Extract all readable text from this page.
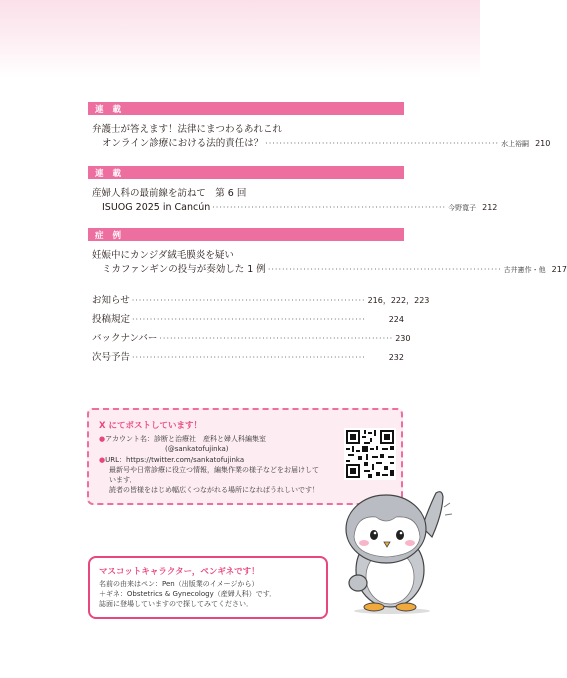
連 載
弁護士が答えます！法律にまつわるあれこれ
オンライン診療における法的責任は？ ·································································· 水上裕嗣 210
連 載
産婦人科の最前線を訪ねて　第 6 回
ISUOG 2025 in Cancún ·································································· 今野寛子 212
症 例
妊娠中にカンジダ絨毛膜炎を疑い
ミカファンギンの投与が奏効した 1 例 ·································································· 古井憲作・他 217
お知らせ ·································································· 216，222，223
投稿規定 ··································································	224
バックナンバー ·································································· 230
次号予告 ··································································	232
X にてポストしています！
●アカウント名：診断と治療社　産科と婦人科編集室
(@sankatofujinka)
●URL：https://twitter.com/sankatofujinka
最新号や日常診療に役立つ情報，編集作業の様子などをお届けして
います．
読者の皆様をはじめ幅広くつながれる場所になればうれしいです！
マスコットキャラクター，ペンギネです！
名前の由来はペン：Pen（出版業のイメージから）
＋ギネ：Obstetrics & Gynecology（産婦人科）です．
誌面に登場していますので探してみてください．
